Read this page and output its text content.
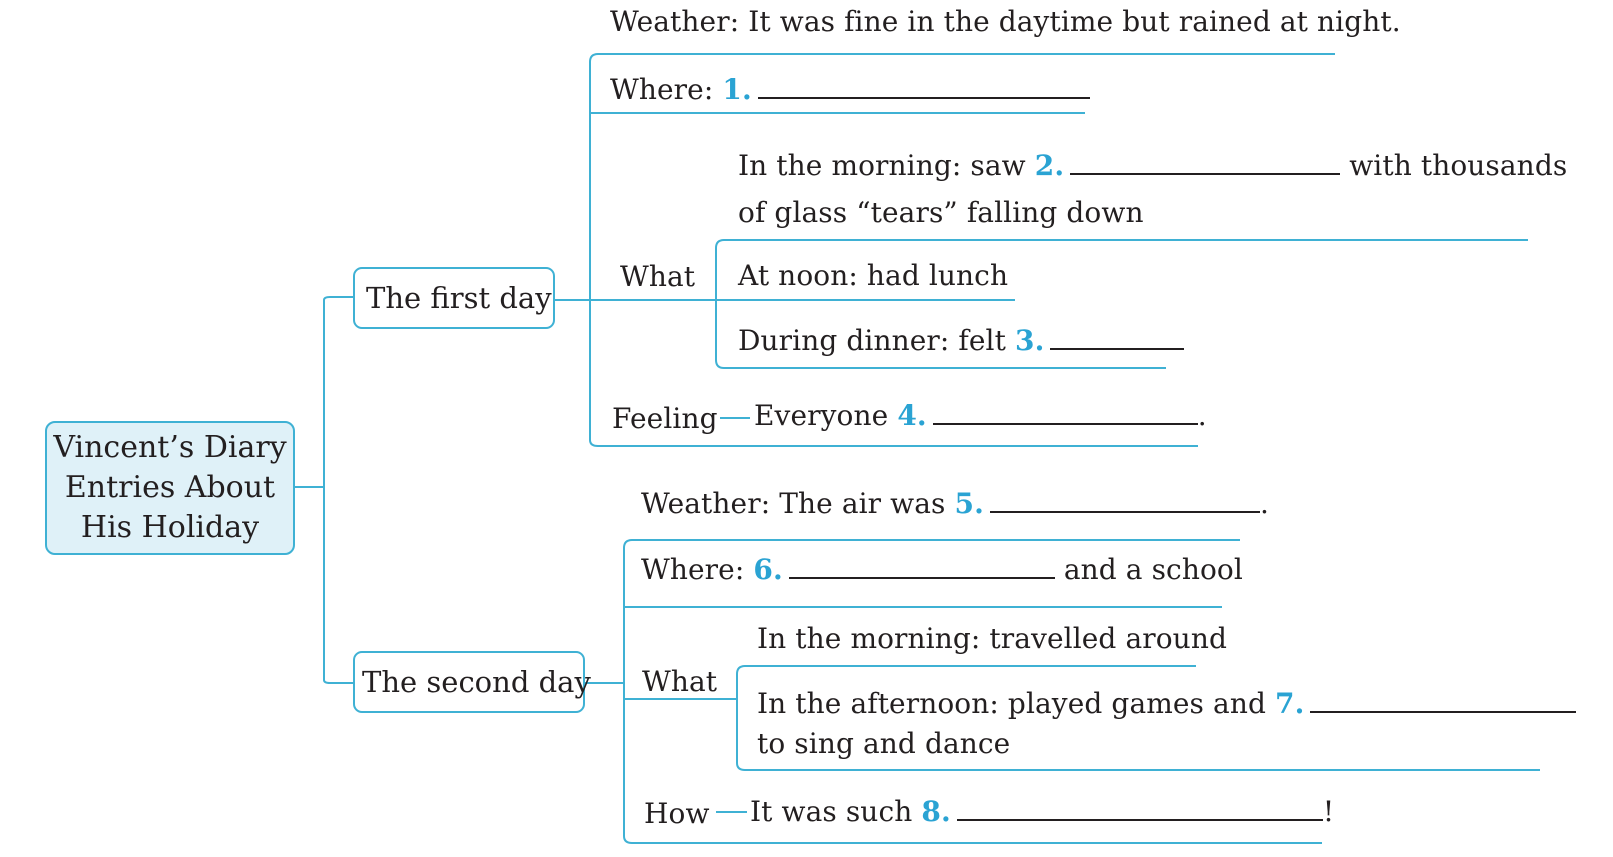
Vincent’s Diary
Entries About
His Holiday
The first day
Weather: It was fine in the daytime but rained at night.
Where: 1.
What
In the morning: saw 2.	with thousands
of glass “tears” falling down
At noon: had lunch
During dinner: felt 3.
Feeling Everyone 4.	.
The second day
Weather: The air was 5.	.
Where: 6.	and a school
What
In the morning: travelled around
In the afternoon: played games and 7.
to sing and dance
How It was such 8.	!
